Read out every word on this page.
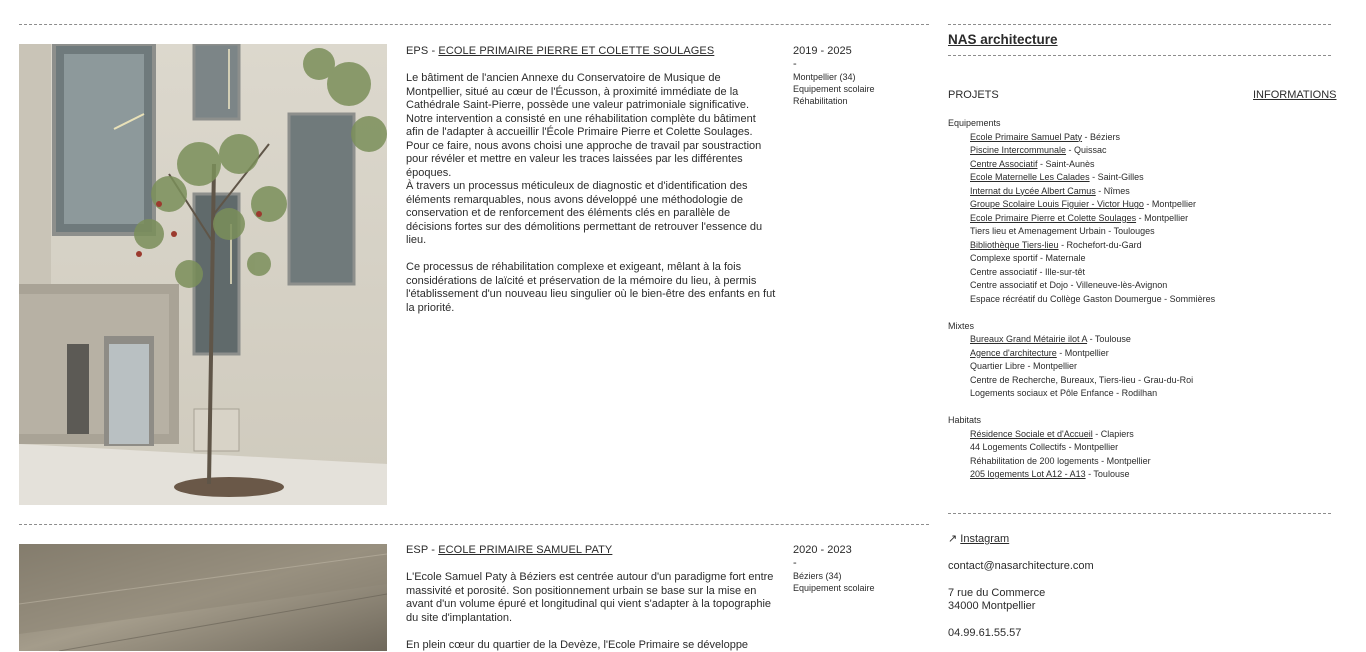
EPS - ECOLE PRIMAIRE PIERRE ET COLETTE SOULAGES

Le bâtiment de l'ancien Annexe du Conservatoire de Musique de Montpellier, situé au cœur de l'Écusson, à proximité immédiate de la Cathédrale Saint-Pierre, possède une valeur patrimoniale significative. Notre intervention a consisté en une réhabilitation complète du bâtiment afin de l'adapter à accueillir l'École Primaire Pierre et Colette Soulages. Pour ce faire, nous avons choisi une approche de travail par soustraction pour révéler et mettre en valeur les traces laissées par les différentes époques.

À travers un processus méticuleux de diagnostic et d'identification des éléments remarquables, nous avons développé une méthodologie de conservation et de renforcement des éléments clés en parallèle de décisions fortes sur des démolitions permettant de retrouver l'essence du lieu.

Ce processus de réhabilitation complexe et exigeant, mêlant à la fois considérations de laïcité et préservation de la mémoire du lieu, à permis l'établissement d'un nouveau lieu singulier où le bien-être des enfants en fut la priorité.

2019 - 2025
-
Montpellier (34)
Equipement scolaire
Réhabilitation
ESP - ECOLE PRIMAIRE SAMUEL PATY

L'Ecole Samuel Paty à Béziers est centrée autour d'un paradigme fort entre massivité et porosité. Son positionnement urbain se base sur la mise en avant d'un volume épuré et longitudinal qui vient s'adapter à la topographie du site d'implantation.

En plein cœur du quartier de la Devèze, l'Ecole Primaire se développe

2020 - 2023
-
Béziers (34)
Equipement scolaire
NAS architecture
PROJETS	INFORMATIONS
Equipements
Ecole Primaire Samuel Paty - Béziers
Piscine Intercommunale - Quissac
Centre Associatif - Saint-Aunès
Ecole Maternelle Les Calades - Saint-Gilles
Internat du Lycée Albert Camus - Nîmes
Groupe Scolaire Louis Figuier - Victor Hugo - Montpellier
Ecole Primaire Pierre et Colette Soulages - Montpellier
Tiers lieu et Amenagement Urbain - Toulouges
Bibliothèque Tiers-lieu - Rochefort-du-Gard
Complexe sportif - Maternale
Centre associatif - Ille-sur-têt
Centre associatif et Dojo - Villeneuve-lès-Avignon
Espace récréatif du Collège Gaston Doumergue - Sommières
Mixtes
Bureaux Grand Métairie ilot A - Toulouse
Agence d'architecture - Montpellier
Quartier Libre - Montpellier
Centre de Recherche, Bureaux, Tiers-lieu - Grau-du-Roi
Logements sociaux et Pôle Enfance - Rodilhan
Habitats
Résidence Sociale et d'Accueil - Clapiers
44 Logements Collectifs - Montpellier
Réhabilitation de 200 logements - Montpellier
205 logements Lot A12 - A13 - Toulouse
↗ Instagram
contact@nasarchitecture.com
7 rue du Commerce
34000 Montpellier
04.99.61.55.57
